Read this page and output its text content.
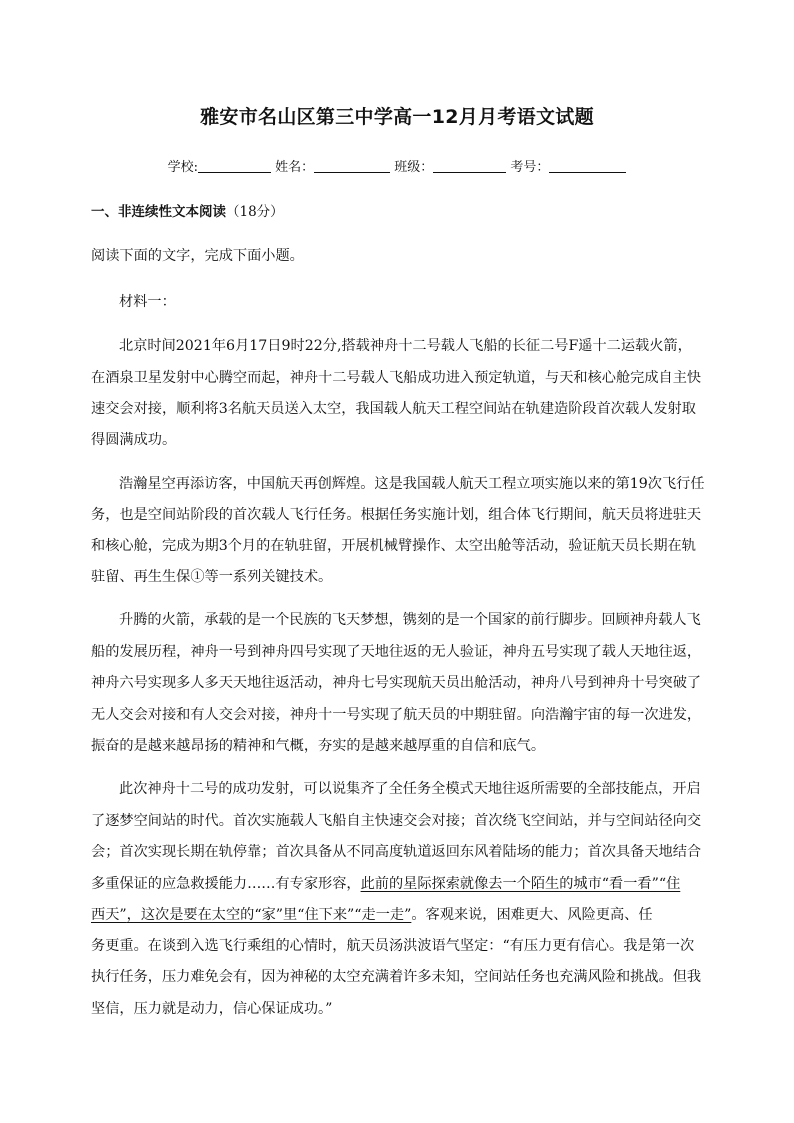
雅安市名山区第三中学高一12月月考语文试题
学校:	姓名：	班级：	考号：
一、非连续性文本阅读（18分）
阅读下面的文字，完成下面小题。
材料一：
北京时间2021年6月17日9时22分,搭载神舟十二号载人飞船的长征二号F遥十二运载火箭，
在酒泉卫星发射中心腾空而起，神舟十二号载人飞船成功进入预定轨道，与天和核心舱完成自主快
速交会对接，顺利将3名航天员送入太空，我国载人航天工程空间站在轨建造阶段首次载人发射取
得圆满成功。
浩瀚星空再添访客，中国航天再创辉煌。这是我国载人航天工程立项实施以来的第19次飞行任
务，也是空间站阶段的首次载人飞行任务。根据任务实施计划，组合体飞行期间，航天员将进驻天
和核心舱，完成为期3个月的在轨驻留，开展机械臂操作、太空出舱等活动，验证航天员长期在轨
驻留、再生生保①等一系列关键技术。
升腾的火箭，承载的是一个民族的飞天梦想，镌刻的是一个国家的前行脚步。回顾神舟载人飞
船的发展历程，神舟一号到神舟四号实现了天地往返的无人验证，神舟五号实现了载人天地往返，
神舟六号实现多人多天天地往返活动，神舟七号实现航天员出舱活动，神舟八号到神舟十号突破了
无人交会对接和有人交会对接，神舟十一号实现了航天员的中期驻留。向浩瀚宇宙的每一次进发，
振奋的是越来越昂扬的精神和气概，夯实的是越来越厚重的自信和底气。
此次神舟十二号的成功发射，可以说集齐了全任务全模式天地往返所需要的全部技能点，开启
了逐梦空间站的时代。首次实施载人飞船自主快速交会对接；首次绕飞空间站，并与空间站径向交
会；首次实现长期在轨停靠；首次具备从不同高度轨道返回东风着陆场的能力；首次具备天地结合
多重保证的应急救援能力……有专家形容，此前的星际探索就像去一个陌生的城市“看一看”“住
西天”，这次是要在太空的“家”里“住下来”“走一走”。客观来说，困难更大、风险更高、任
务更重。在谈到入选飞行乘组的心情时，航天员汤洪波语气坚定：“有压力更有信心。我是第一次
执行任务，压力难免会有，因为神秘的太空充满着许多未知，空间站任务也充满风险和挑战。但我
坚信，压力就是动力，信心保证成功。”
